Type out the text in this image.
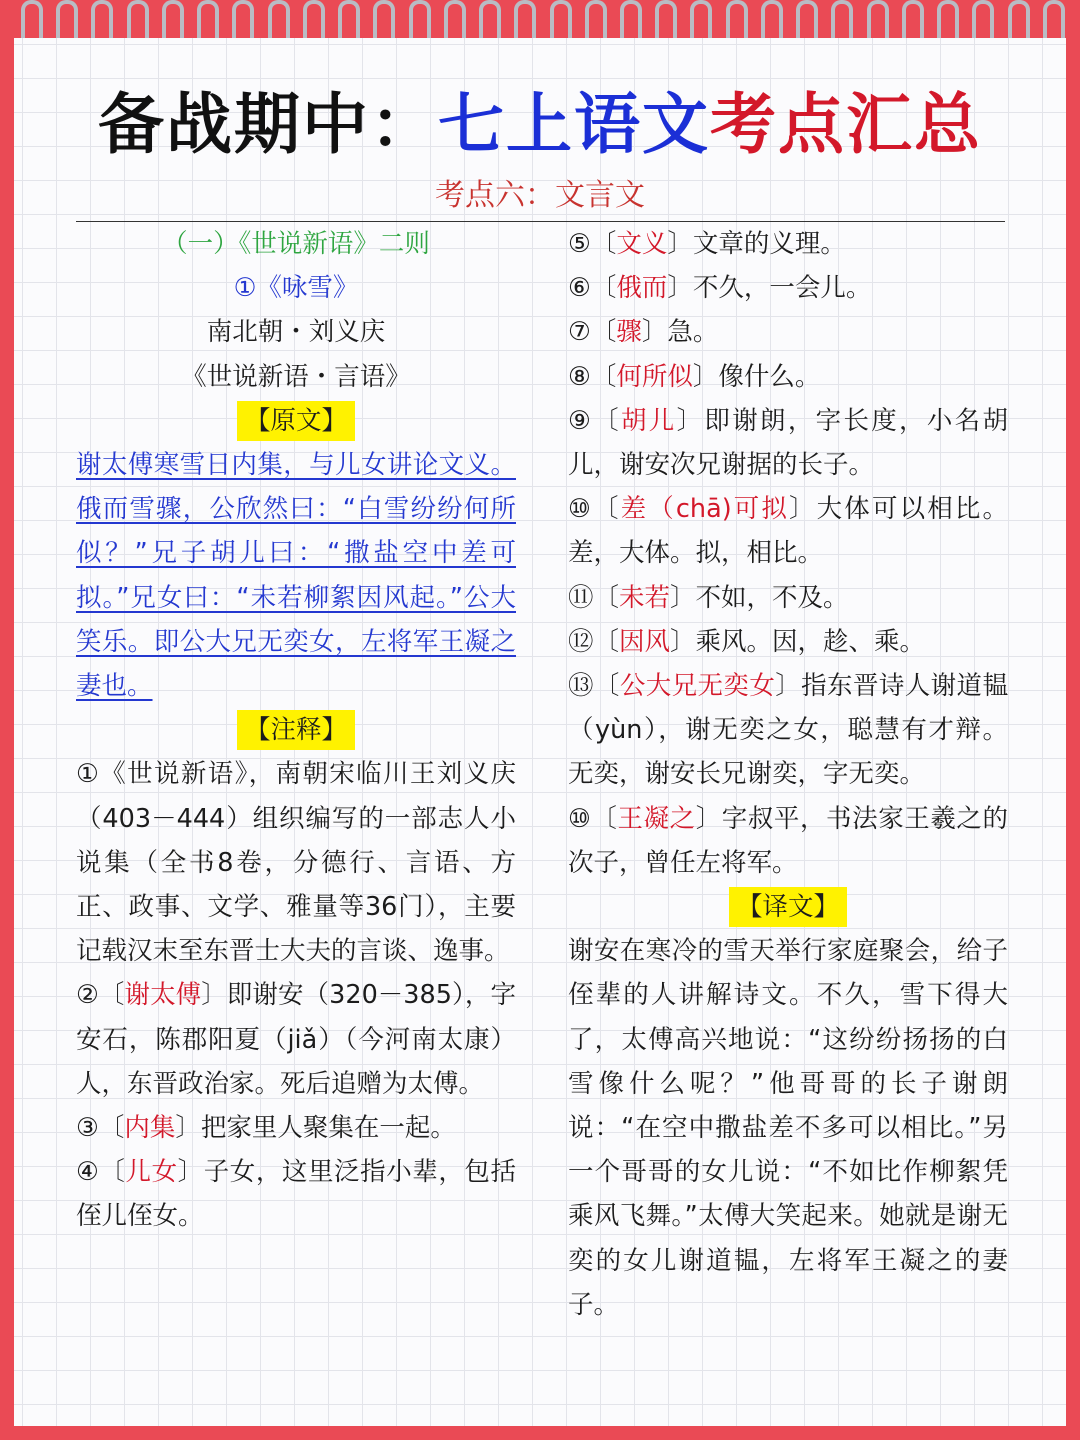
备战期中：七上语文考点汇总
考点六：文言文
（一）《世说新语》二则
①《咏雪》
南北朝・刘义庆
《世说新语・言语》
【原文】
谢太傅寒雪日内集，与儿女讲论文义。俄而雪骤，公欣然曰：“白雪纷纷何所似？”兄子胡儿曰：“撒盐空中差可拟。”兄女曰：“未若柳絮因风起。”公大笑乐。即公大兄无奕女，左将军王凝之妻也。
【注释】
①《世说新语》，南朝宋临川王刘义庆（403－444）组织编写的一部志人小说集（全书8卷，分德行、言语、方正、政事、文学、雅量等36门），主要记载汉末至东晋士大夫的言谈、逸事。
②〔谢太傅〕即谢安（320－385），字安石，陈郡阳夏（jiǎ）（今河南太康）人，东晋政治家。死后追赠为太傅。
③〔内集〕把家里人聚集在一起。
④〔儿女〕子女，这里泛指小辈，包括侄儿侄女。
⑤〔文义〕文章的义理。
⑥〔俄而〕不久，一会儿。
⑦〔骤〕急。
⑧〔何所似〕像什么。
⑨〔胡儿〕即谢朗，字长度，小名胡儿，谢安次兄谢据的长子。
⑩〔差（chā)可拟〕大体可以相比。差，大体。拟，相比。
⑪〔未若〕不如，不及。
⑫〔因风〕乘风。因，趁、乘。
⑬〔公大兄无奕女〕指东晋诗人谢道韫（yùn），谢无奕之女，聪慧有才辩。无奕，谢安长兄谢奕，字无奕。
⑩〔王凝之〕字叔平，书法家王羲之的次子，曾任左将军。
【译文】
谢安在寒冷的雪天举行家庭聚会，给子侄辈的人讲解诗文。不久，雪下得大了，太傅高兴地说：“这纷纷扬扬的白雪像什么呢？”他哥哥的长子谢朗说：“在空中撒盐差不多可以相比。”另一个哥哥的女儿说：“不如比作柳絮凭乘风飞舞。”太傅大笑起来。她就是谢无奕的女儿谢道韫，左将军王凝之的妻子。
